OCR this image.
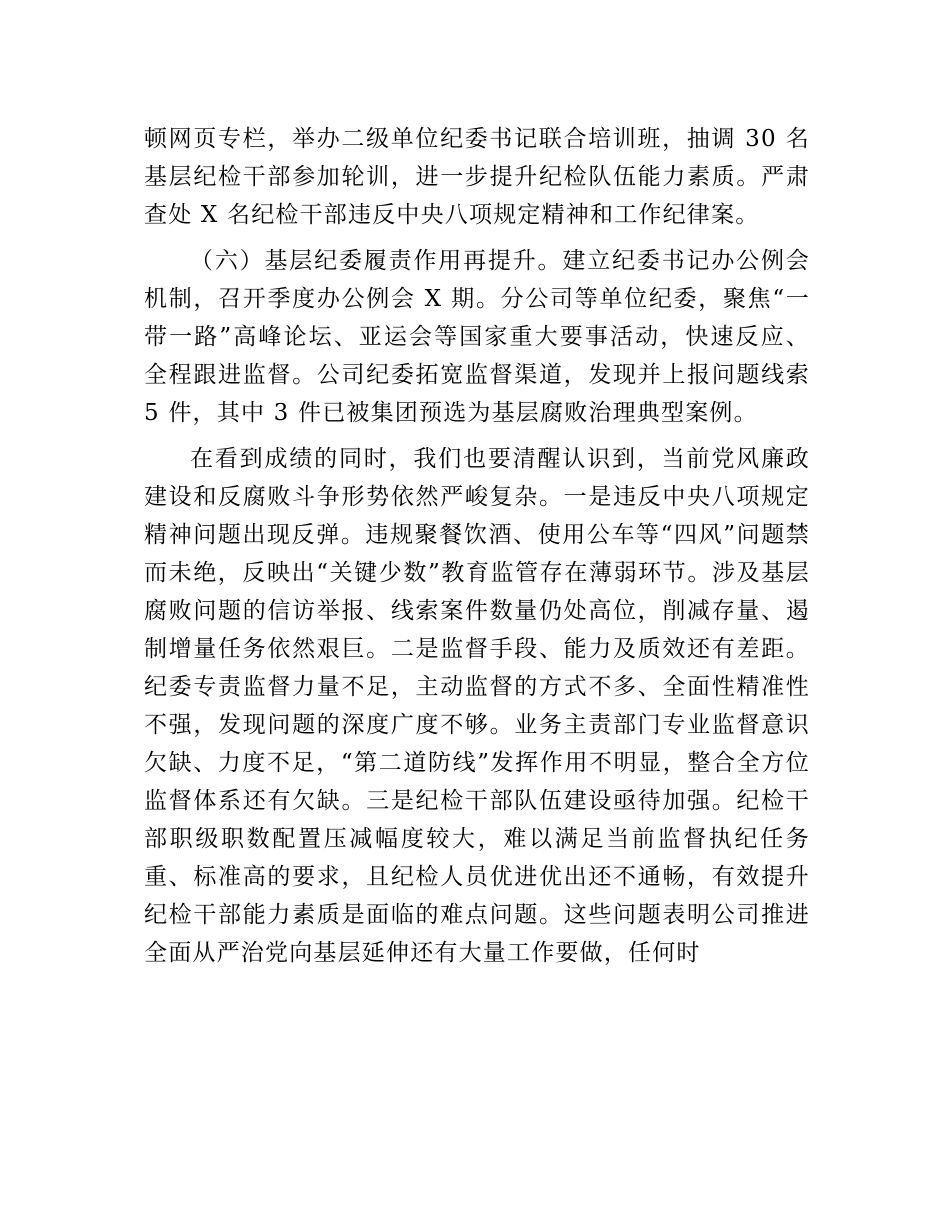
顿网页专栏，举办二级单位纪委书记联合培训班，抽调 30 名基层纪检干部参加轮训，进一步提升纪检队伍能力素质。严肃查处 X 名纪检干部违反中央八项规定精神和工作纪律案。

（六）基层纪委履责作用再提升。建立纪委书记办公例会机制，召开季度办公例会 X 期。分公司等单位纪委，聚焦“一带一路”高峰论坛、亚运会等国家重大要事活动，快速反应、全程跟进监督。公司纪委拓宽监督渠道，发现并上报问题线索 5 件，其中 3 件已被集团预选为基层腐败治理典型案例。

在看到成绩的同时，我们也要清醒认识到，当前党风廉政建设和反腐败斗争形势依然严峻复杂。一是违反中央八项规定精神问题出现反弹。违规聚餐饮酒、使用公车等“四风”问题禁而未绝，反映出“关键少数”教育监管存在薄弱环节。涉及基层腐败问题的信访举报、线索案件数量仍处高位，削减存量、遏制增量任务依然艰巨。二是监督手段、能力及质效还有差距。纪委专责监督力量不足，主动监督的方式不多、全面性精准性不强，发现问题的深度广度不够。业务主责部门专业监督意识欠缺、力度不足，“第二道防线”发挥作用不明显，整合全方位监督体系还有欠缺。三是纪检干部队伍建设亟待加强。纪检干部职级职数配置压减幅度较大，难以满足当前监督执纪任务重、标准高的要求，且纪检人员优进优出还不通畅，有效提升纪检干部能力素质是面临的难点问题。这些问题表明公司推进全面从严治党向基层延伸还有大量工作要做，任何时
